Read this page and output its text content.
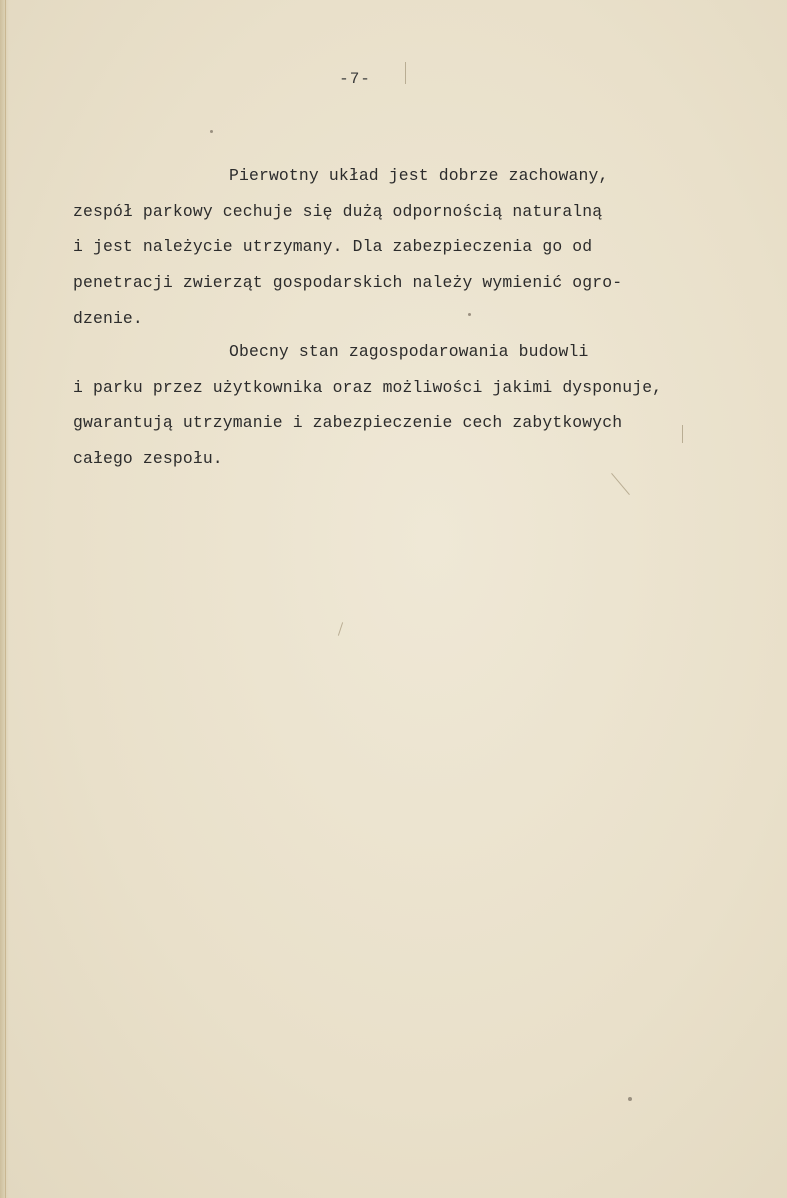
-7-
Pierwotny układ jest dobrze zachowany,
zespół parkowy cechuje się dużą odpornością naturalną
i jest należycie utrzymany. Dla zabezpieczenia go od
penetracji zwierząt gospodarskich należy wymienić ogro-
dzenie.
Obecny stan zagospodarowania budowli
i parku przez użytkownika oraz możliwości jakimi dysponuje,
gwarantują utrzymanie i zabezpieczenie cech zabytkowych
całego zespołu.
